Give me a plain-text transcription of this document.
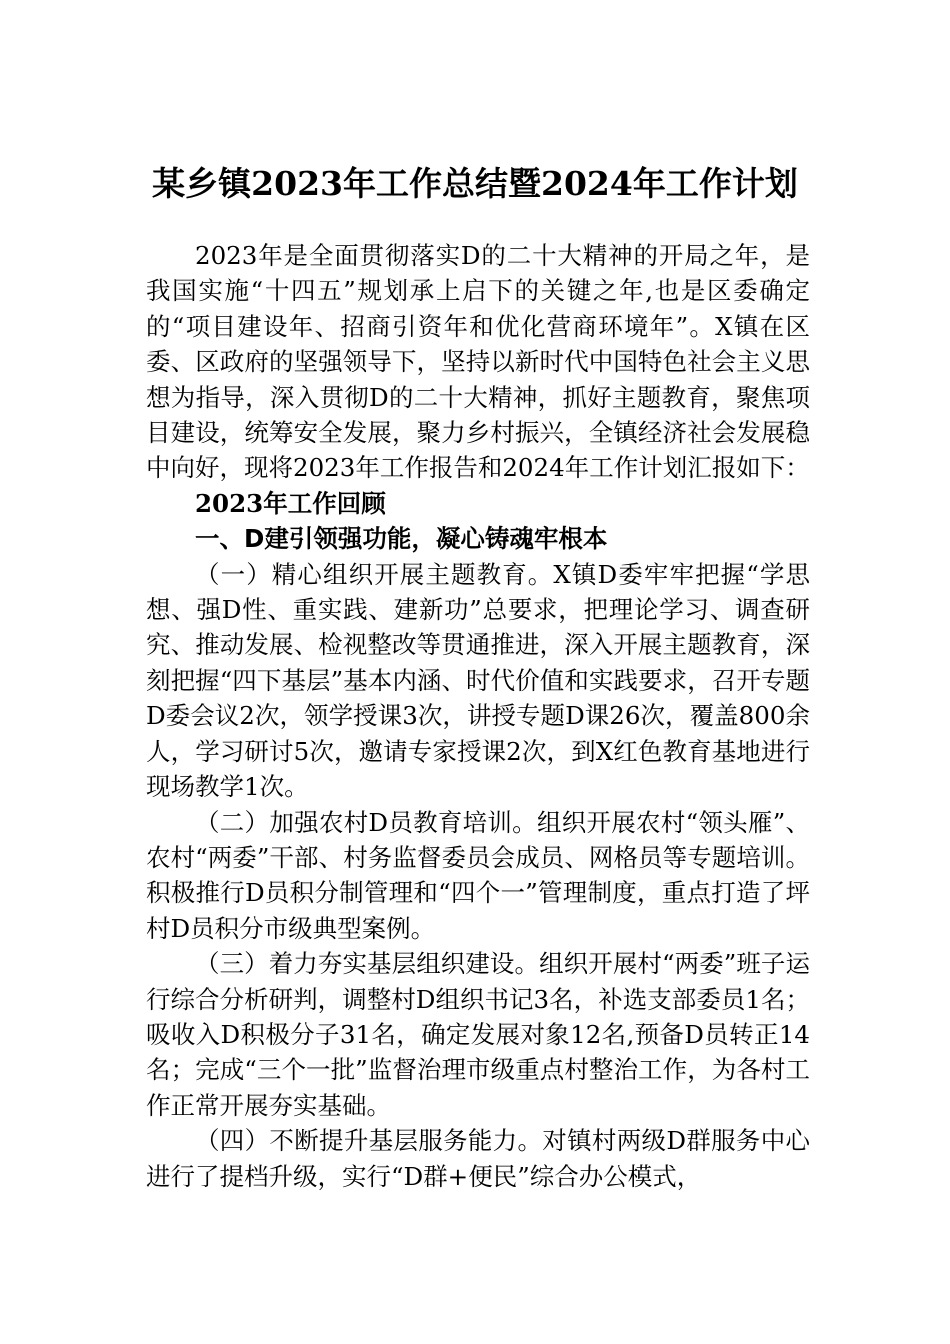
某乡镇2023年工作总结暨2024年工作计划

2023年是全面贯彻落实D的二十大精神的开局之年，是我国实施“十四五”规划承上启下的关键之年,也是区委确定的“项目建设年、招商引资年和优化营商环境年”。X镇在区委、区政府的坚强领导下，坚持以新时代中国特色社会主义思想为指导，深入贯彻D的二十大精神，抓好主题教育，聚焦项目建设，统筹安全发展，聚力乡村振兴，全镇经济社会发展稳中向好，现将2023年工作报告和2024年工作计划汇报如下：

2023年工作回顾

一、D建引领强功能，凝心铸魂牢根本

（一）精心组织开展主题教育。X镇D委牢牢把握“学思想、强D性、重实践、建新功”总要求，把理论学习、调查研究、推动发展、检视整改等贯通推进，深入开展主题教育，深刻把握“四下基层”基本内涵、时代价值和实践要求，召开专题D委会议2次，领学授课3次，讲授专题D课26次，覆盖800余人，学习研讨5次，邀请专家授课2次，到X红色教育基地进行现场教学1次。

（二）加强农村D员教育培训。组织开展农村“领头雁”、农村“两委”干部、村务监督委员会成员、网格员等专题培训。积极推行D员积分制管理和“四个一”管理制度，重点打造了坪村D员积分市级典型案例。

（三）着力夯实基层组织建设。组织开展村“两委”班子运行综合分析研判，调整村D组织书记3名，补选支部委员1名；吸收入D积极分子31名，确定发展对象12名,预备D员转正14名；完成“三个一批”监督治理市级重点村整治工作，为各村工作正常开展夯实基础。

（四）不断提升基层服务能力。对镇村两级D群服务中心进行了提档升级，实行“D群+便民”综合办公模式，
